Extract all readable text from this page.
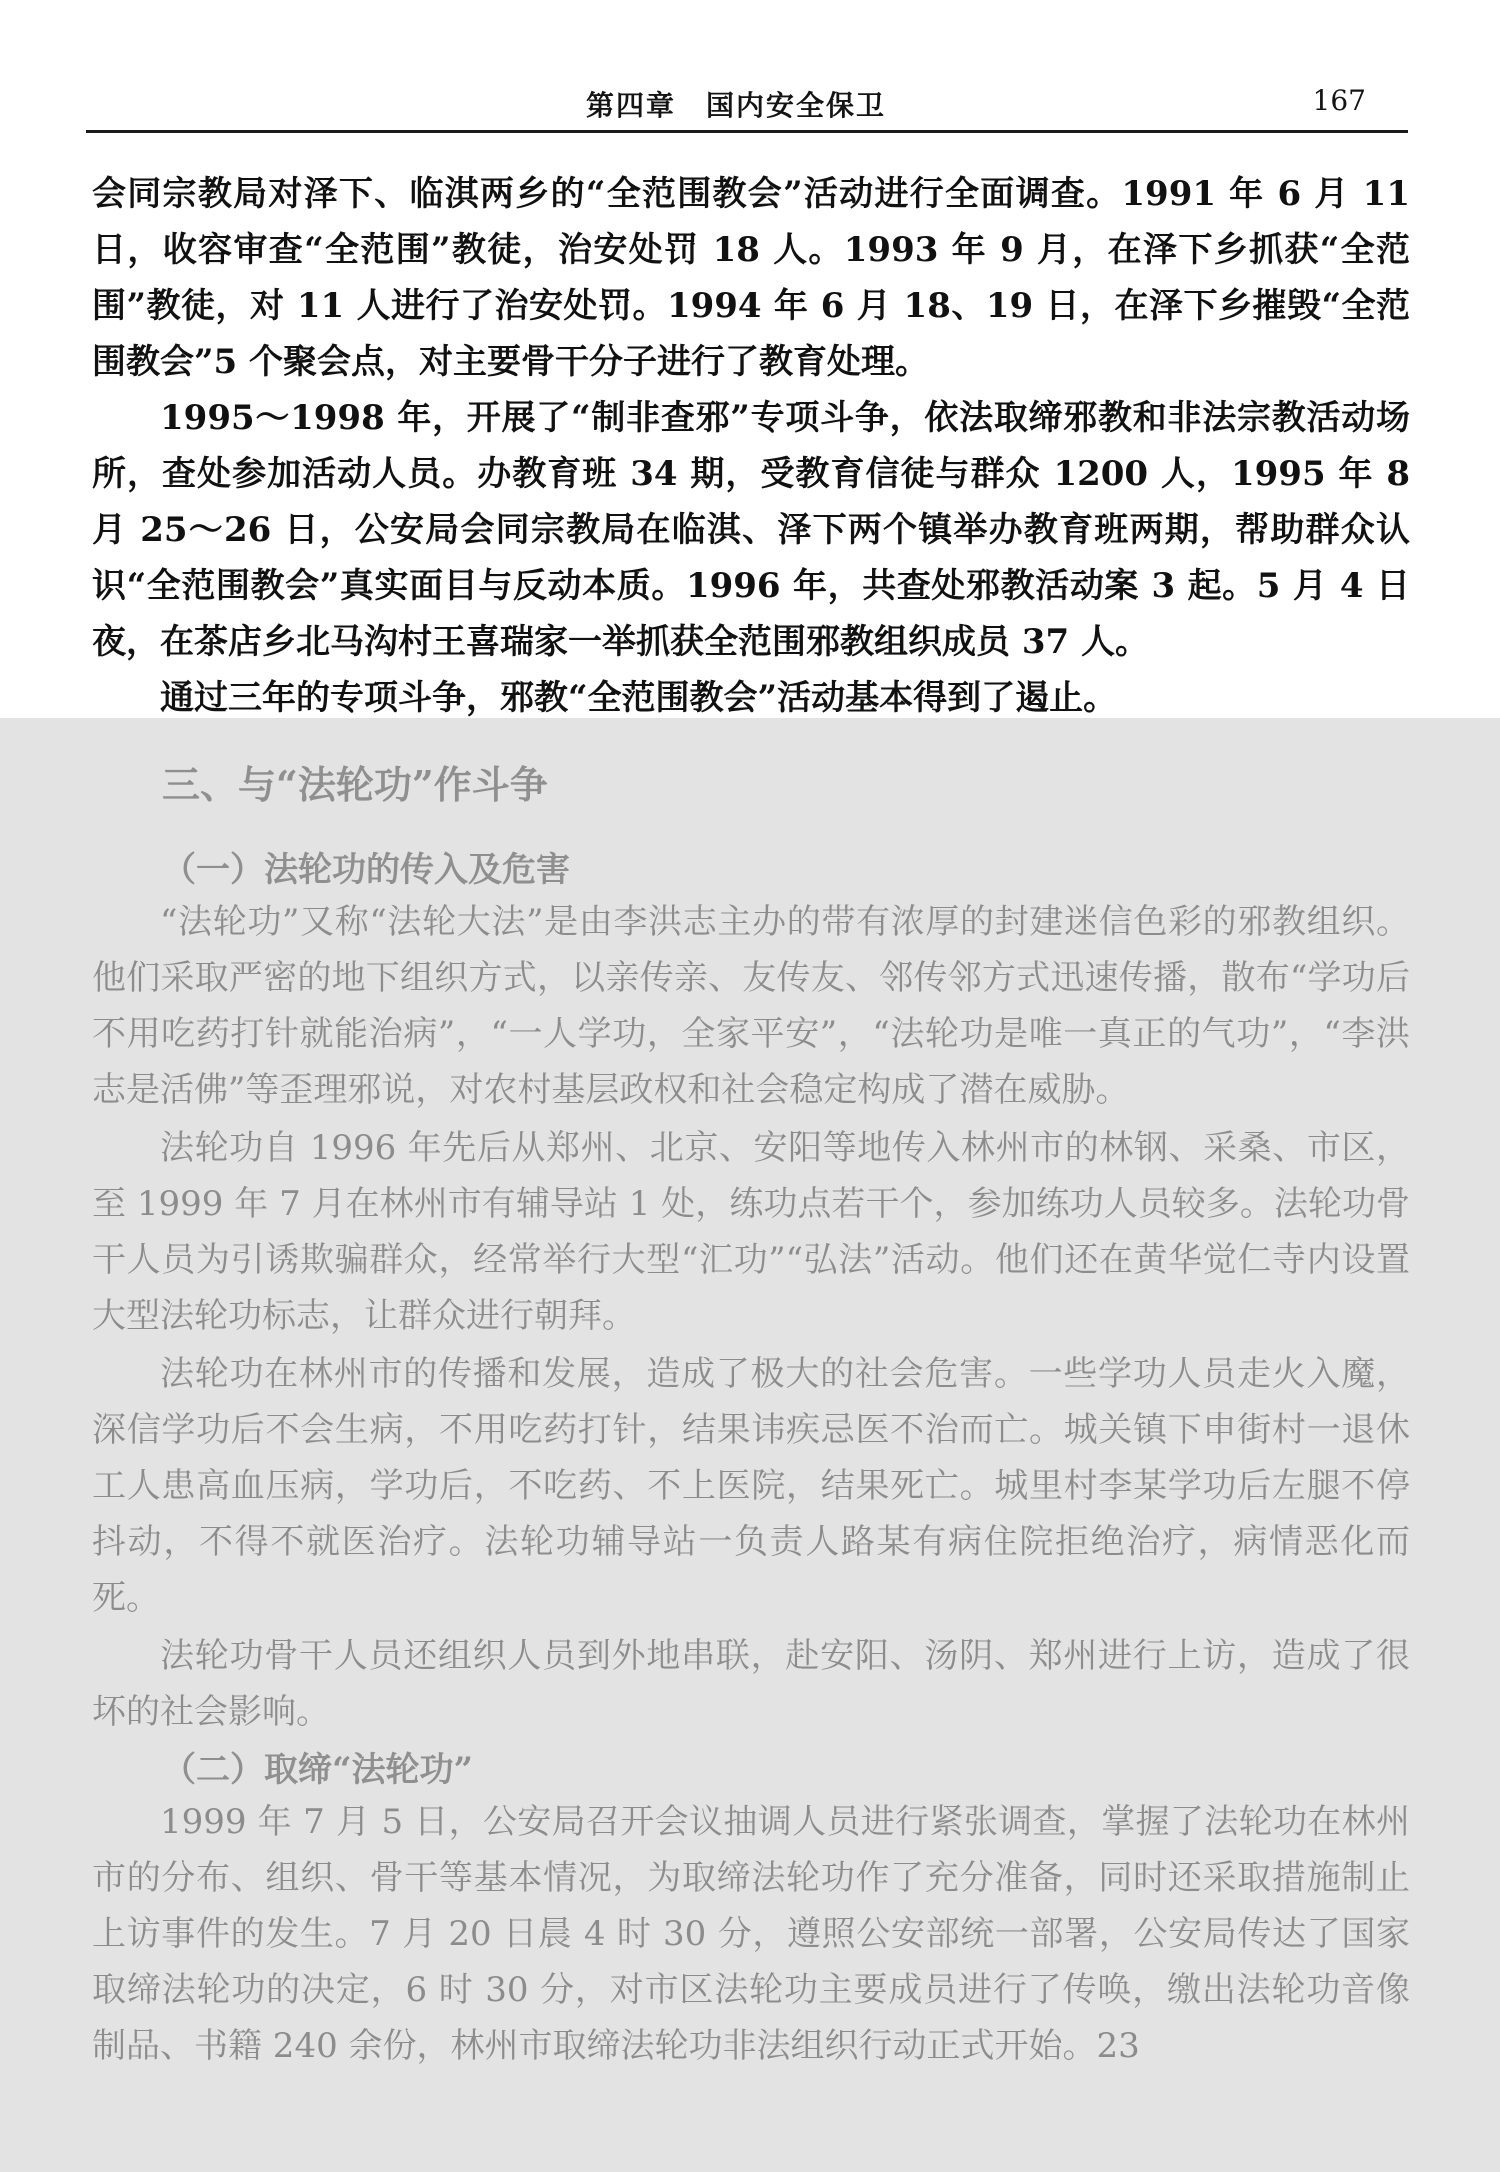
第四章　国内安全保卫	167

会同宗教局对泽下、临淇两乡的“全范围教会”活动进行全面调查。1991 年 6 月 11 日，收容审查“全范围”教徒，治安处罚 18 人。1993 年 9 月，在泽下乡抓获“全范围”教徒，对 11 人进行了治安处罚。1994 年 6 月 18、19 日，在泽下乡摧毁“全范围教会”5 个聚会点，对主要骨干分子进行了教育处理。

1995～1998 年，开展了“制非查邪”专项斗争，依法取缔邪教和非法宗教活动场所，查处参加活动人员。办教育班 34 期，受教育信徒与群众 1200 人，1995 年 8 月 25～26 日，公安局会同宗教局在临淇、泽下两个镇举办教育班两期，帮助群众认识“全范围教会”真实面目与反动本质。1996 年，共查处邪教活动案 3 起。5 月 4 日夜，在茶店乡北马沟村王喜瑞家一举抓获全范围邪教组织成员 37 人。

通过三年的专项斗争，邪教“全范围教会”活动基本得到了遏止。

三、与“法轮功”作斗争
（一）法轮功的传入及危害

“法轮功”又称“法轮大法”是由李洪志主办的带有浓厚的封建迷信色彩的邪教组织。他们采取严密的地下组织方式，以亲传亲、友传友、邻传邻方式迅速传播，散布“学功后不用吃药打针就能治病”，“一人学功，全家平安”，“法轮功是唯一真正的气功”，“李洪志是活佛”等歪理邪说，对农村基层政权和社会稳定构成了潜在威胁。

法轮功自 1996 年先后从郑州、北京、安阳等地传入林州市的林钢、采桑、市区，至 1999 年 7 月在林州市有辅导站 1 处，练功点若干个，参加练功人员较多。法轮功骨干人员为引诱欺骗群众，经常举行大型“汇功”“弘法”活动。他们还在黄华觉仁寺内设置大型法轮功标志，让群众进行朝拜。

法轮功在林州市的传播和发展，造成了极大的社会危害。一些学功人员走火入魔，深信学功后不会生病，不用吃药打针，结果讳疾忌医不治而亡。城关镇下申街村一退休工人患高血压病，学功后，不吃药、不上医院，结果死亡。城里村李某学功后左腿不停抖动，不得不就医治疗。法轮功辅导站一负责人路某有病住院拒绝治疗，病情恶化而死。

法轮功骨干人员还组织人员到外地串联，赴安阳、汤阴、郑州进行上访，造成了很坏的社会影响。

（二）取缔“法轮功”

1999 年 7 月 5 日，公安局召开会议抽调人员进行紧张调查，掌握了法轮功在林州市的分布、组织、骨干等基本情况，为取缔法轮功作了充分准备，同时还采取措施制止上访事件的发生。7 月 20 日晨 4 时 30 分，遵照公安部统一部署，公安局传达了国家取缔法轮功的决定，6 时 30 分，对市区法轮功主要成员进行了传唤，缴出法轮功音像制品、书籍 240 余份，林州市取缔法轮功非法组织行动正式开始。23
